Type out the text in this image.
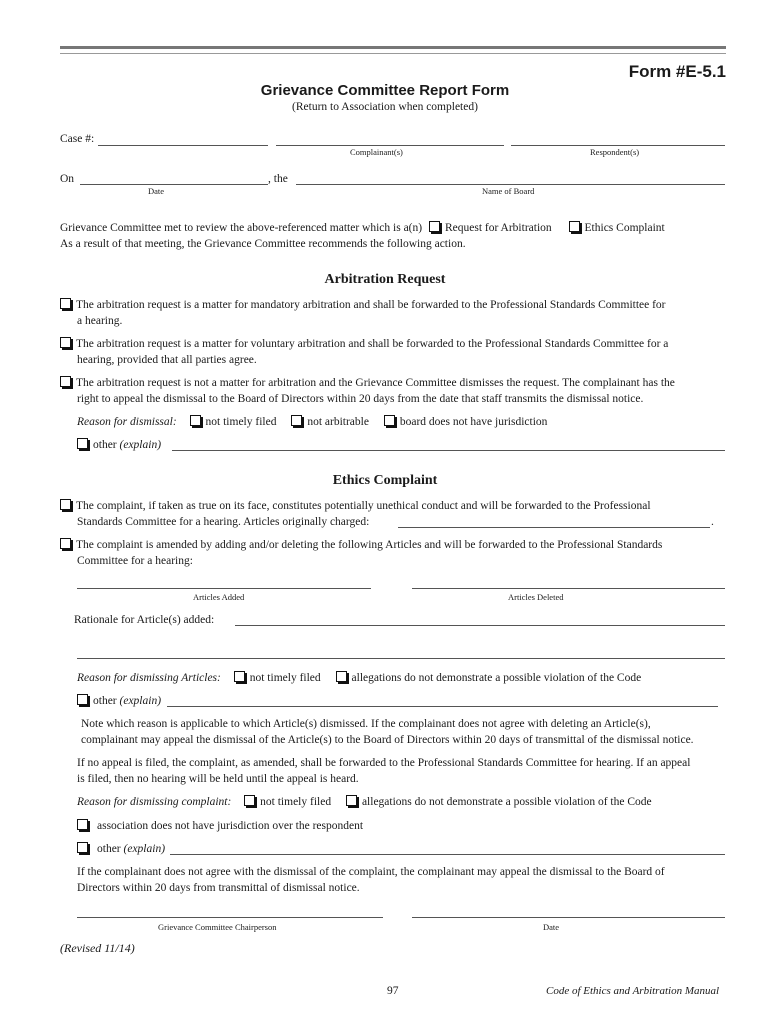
Form #E-5.1
Grievance Committee Report Form
(Return to Association when completed)
Case #:
Complainant(s)	Respondent(s)
On	, the
Date	Name of Board
Grievance Committee met to review the above-referenced matter which is a(n) Request for Arbitration	Ethics Complaint
As a result of that meeting, the Grievance Committee recommends the following action.
Arbitration Request
The arbitration request is a matter for mandatory arbitration and shall be forwarded to the Professional Standards Committee for
a hearing.
The arbitration request is a matter for voluntary arbitration and shall be forwarded to the Professional Standards Committee for a
hearing, provided that all parties agree.
The arbitration request is not a matter for arbitration and the Grievance Committee dismisses the request. The complainant has the
right to appeal the dismissal to the Board of Directors within 20 days from the date that staff transmits the dismissal notice.
Reason for dismissal:	not timely filed	not arbitrable	board does not have jurisdiction
other (explain)
Ethics Complaint
The complaint, if taken as true on its face, constitutes potentially unethical conduct and will be forwarded to the Professional
Standards Committee for a hearing. Articles originally charged:	.
The complaint is amended by adding and/or deleting the following Articles and will be forwarded to the Professional Standards
Committee for a hearing:
Articles Added	Articles Deleted
Rationale for Article(s) added:
Reason for dismissing Articles:	not timely filed	allegations do not demonstrate a possible violation of the Code
other (explain)
Note which reason is applicable to which Article(s) dismissed. If the complainant does not agree with deleting an Article(s),
complainant may appeal the dismissal of the Article(s) to the Board of Directors within 20 days of transmittal of the dismissal notice.
If no appeal is filed, the complaint, as amended, shall be forwarded to the Professional Standards Committee for hearing. If an appeal
is filed, then no hearing will be held until the appeal is heard.
Reason for dismissing complaint:	not timely filed	allegations do not demonstrate a possible violation of the Code
association does not have jurisdiction over the respondent
other (explain)
If the complainant does not agree with the dismissal of the complaint, the complainant may appeal the dismissal to the Board of
Directors within 20 days from transmittal of dismissal notice.
Grievance Committee Chairperson	Date
(Revised 11/14)
97	Code of Ethics and Arbitration Manual
